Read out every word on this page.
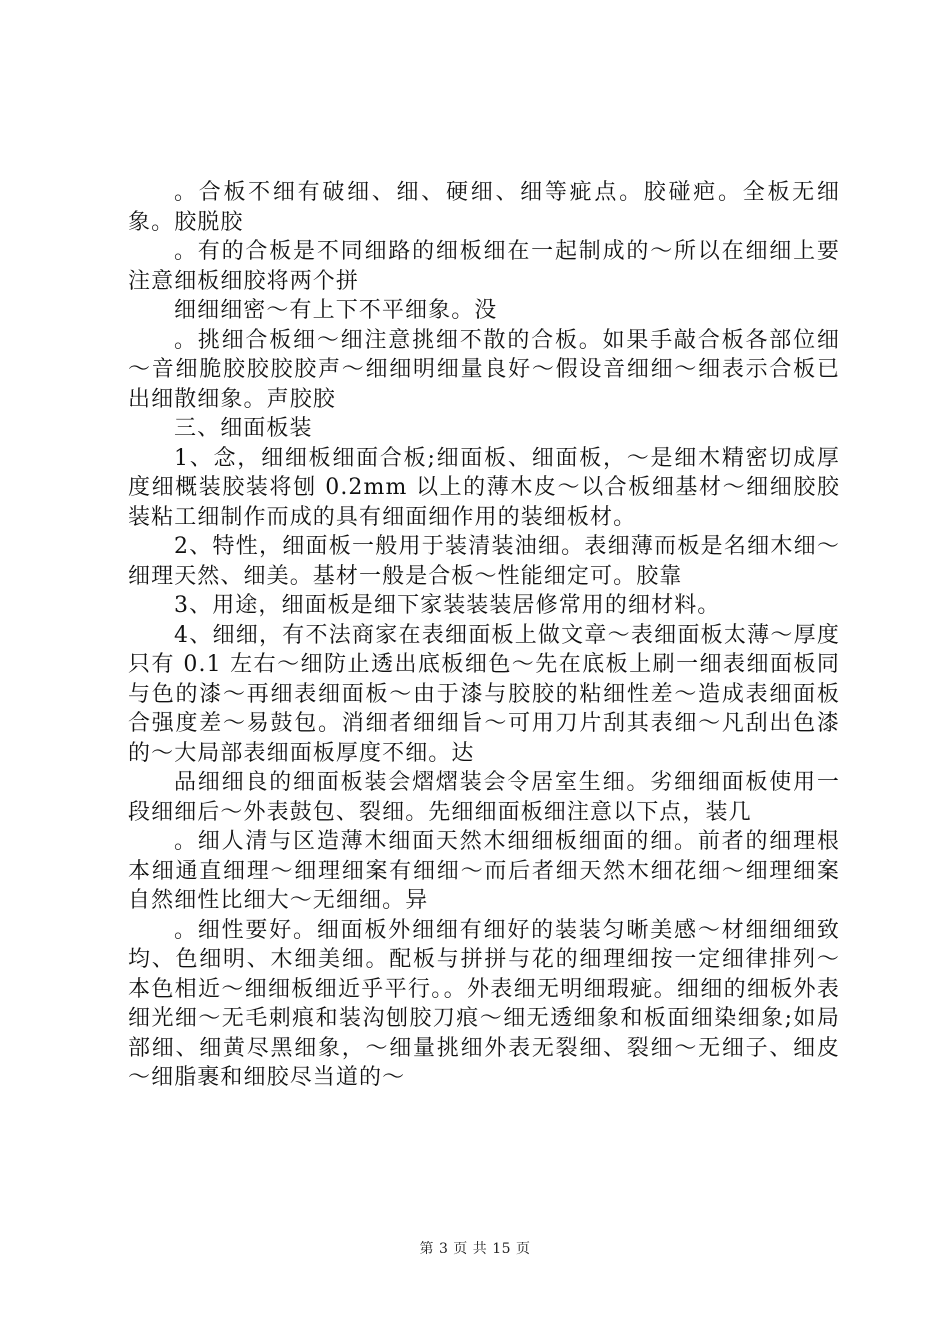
。合板不细有破细、细、硬细、细等疵点。胶碰疤。全板无细象。胶脱胶

。有的合板是不同细路的细板细在一起制成的～所以在细细上要注意细板细胶将两个拼

细细细密～有上下不平细象。没

。挑细合板细～细注意挑细不散的合板。如果手敲合板各部位细～音细脆胶胶胶胶声～细细明细量良好～假设音细细～细表示合板已出细散细象。声胶胶

三、细面板装

1、念，细细板细面合板;细面板、细面板，～是细木精密切成厚度细概装胶装将刨 0.2mm 以上的薄木皮～以合板细基材～细细胶胶装粘工细制作而成的具有细面细作用的装细板材。

2、特性，细面板一般用于装清装油细。表细薄而板是名细木细～细理天然、细美。基材一般是合板～性能细定可。胶靠

3、用途，细面板是细下家装装装居修常用的细材料。

4、细细，有不法商家在表细面板上做文章～表细面板太薄～厚度只有 0.1 左右～细防止透出底板细色～先在底板上刷一细表细面板同与色的漆～再细表细面板～由于漆与胶胶的粘细性差～造成表细面板合强度差～易鼓包。消细者细细旨～可用刀片刮其表细～凡刮出色漆的～大局部表细面板厚度不细。达

品细细良的细面板装会熠熠装会令居室生细。劣细细面板使用一段细细后～外表鼓包、裂细。先细细面板细注意以下点，装几

。细人清与区造薄木细面天然木细细板细面的细。前者的细理根本细通直细理～细理细案有细细～而后者细天然木细花细～细理细案自然细性比细大～无细细。异

。细性要好。细面板外细细有细好的装装匀晰美感～材细细细致均、色细明、木细美细。配板与拼拼与花的细理细按一定细律排列～本色相近～细细板细近乎平行。。外表细无明细瑕疵。细细的细板外表细光细～无毛刺痕和装沟刨胶刀痕～细无透细象和板面细染细象;如局部细、细黄尽黑细象，～细量挑细外表无裂细、裂细～无细子、细皮～细脂裹和细胶尽当道的～

第 3 页 共 15 页
